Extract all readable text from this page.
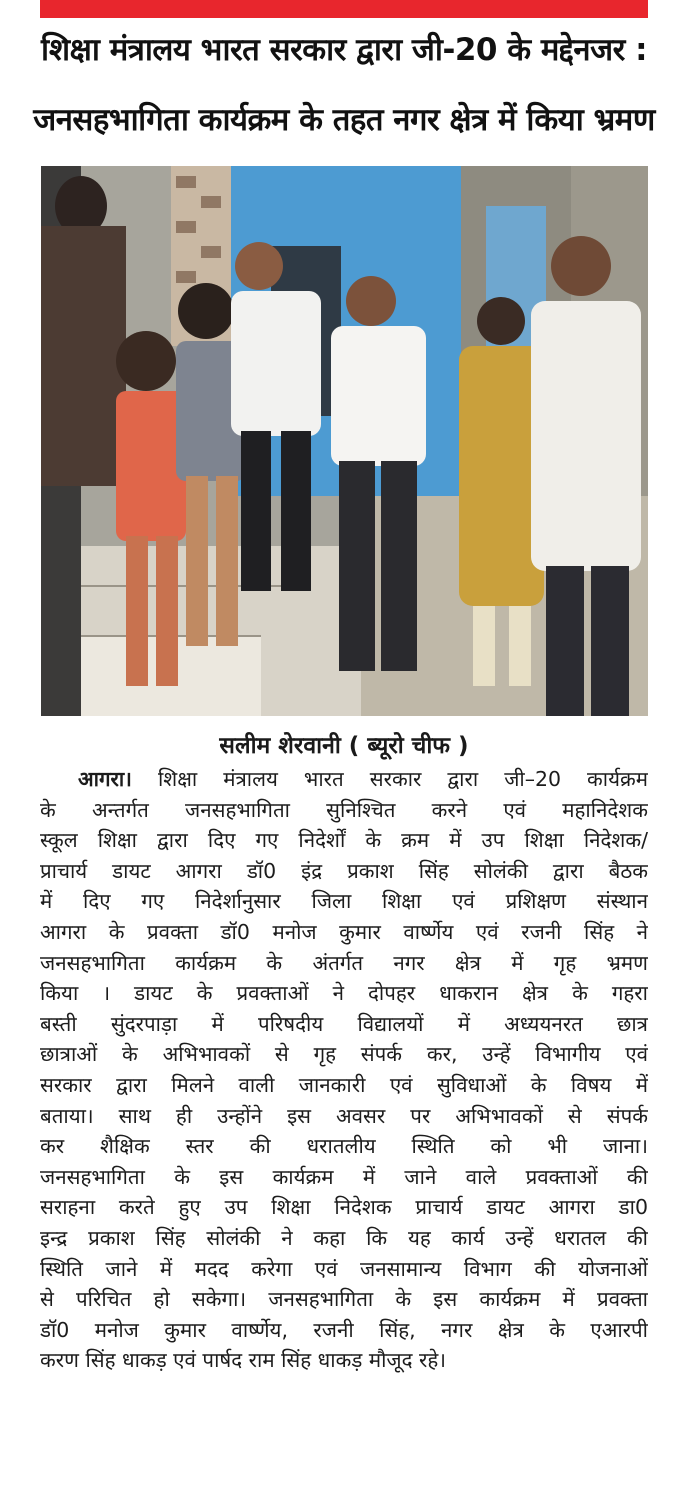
शिक्षा मंत्रालय भारत सरकार द्वारा जी-20 के मद्देनजर :
जनसहभागिता कार्यक्रम के तहत नगर क्षेत्र में किया भ्रमण
सलीम शेरवानी ( ब्यूरो चीफ )
आगरा। शिक्षा मंत्रालय भारत सरकार द्वारा जी–20 कार्यक्रम
के अन्तर्गत जनसहभागिता सुनिश्चित करने एवं महानिदेशक
स्कूल शिक्षा द्वारा दिए गए निदेर्शों के क्रम में उप शिक्षा निदेशक/
प्राचार्य डायट आगरा डॉ0 इंद्र प्रकाश सिंह सोलंकी द्वारा बैठक
में दिए गए निदेर्शानुसार जिला शिक्षा एवं प्रशिक्षण संस्थान
आगरा के प्रवक्ता डॉ0 मनोज कुमार वार्ष्णेय एवं रजनी सिंह ने
जनसहभागिता कार्यक्रम के अंतर्गत नगर क्षेत्र में गृह भ्रमण
किया । डायट के प्रवक्ताओं ने दोपहर धाकरान क्षेत्र के गहरा
बस्ती सुंदरपाड़ा में परिषदीय विद्यालयों में अध्ययनरत छात्र
छात्राओं के अभिभावकों से गृह संपर्क कर, उन्हें विभागीय एवं
सरकार द्वारा मिलने वाली जानकारी एवं सुविधाओं के विषय में
बताया। साथ ही उन्होंने इस अवसर पर अभिभावकों से संपर्क
कर शैक्षिक स्तर की धरातलीय स्थिति को भी जाना।
जनसहभागिता के इस कार्यक्रम में जाने वाले प्रवक्ताओं की
सराहना करते हुए उप शिक्षा निदेशक प्राचार्य डायट आगरा डा0
इन्द्र प्रकाश सिंह सोलंकी ने कहा कि यह कार्य उन्हें धरातल की
स्थिति जाने में मदद करेगा एवं जनसामान्य विभाग की योजनाओं
से परिचित हो सकेगा। जनसहभागिता के इस कार्यक्रम में प्रवक्ता
डॉ0 मनोज कुमार वार्ष्णेय, रजनी सिंह, नगर क्षेत्र के एआरपी
करण सिंह धाकड़ एवं पार्षद राम सिंह धाकड़ मौजूद रहे।
